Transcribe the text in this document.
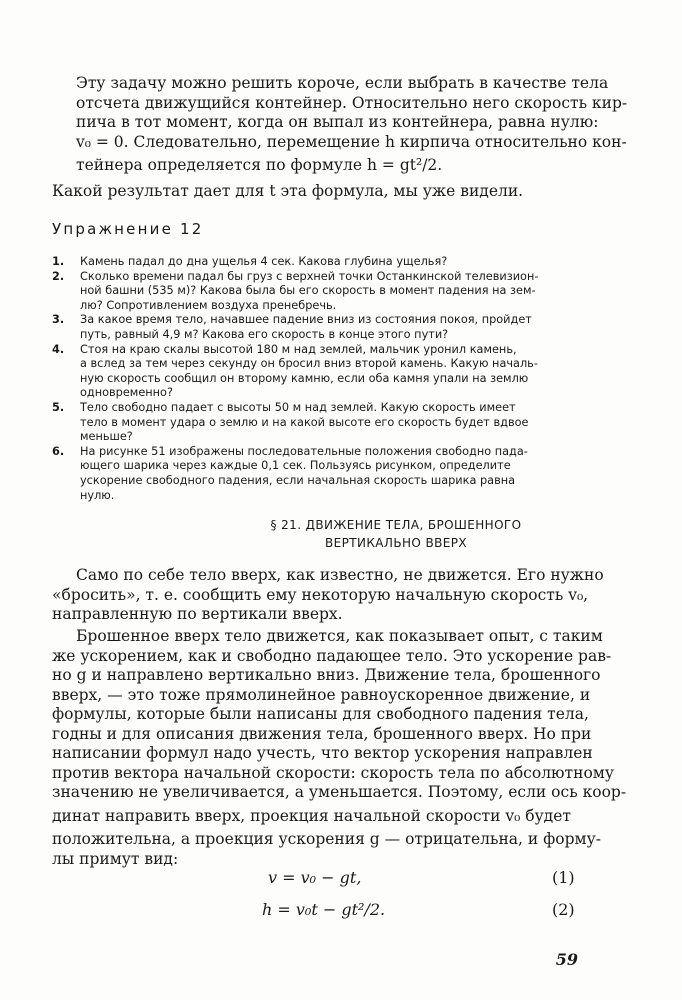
Эту задачу можно решить короче, если выбрать в качестве тела
отсчета движущийся контейнер. Относительно него скорость кир-
пича в тот момент, когда он выпал из контейнера, равна нулю:
v₀ = 0. Следовательно, перемещение h кирпича относительно кон-
тейнера определяется по формуле h = gt²/2.
Какой результат дает для t эта формула, мы уже видели.

Упражнение 12

1. Камень падал до дна ущелья 4 сек. Какова глубина ущелья?
2. Сколько времени падал бы груз с верхней точки Останкинской телевизион-
ной башни (535 м)? Какова была бы его скорость в момент падения на зем-
лю? Сопротивлением воздуха пренебречь.
3. За какое время тело, начавшее падение вниз из состояния покоя, пройдет
путь, равный 4,9 м? Какова его скорость в конце этого пути?
4. Стоя на краю скалы высотой 180 м над землей, мальчик уронил камень,
а вслед за тем через секунду он бросил вниз второй камень. Какую началь-
ную скорость сообщил он второму камню, если оба камня упали на землю
одновременно?
5. Тело свободно падает с высоты 50 м над землей. Какую скорость имеет
тело в момент удара о землю и на какой высоте его скорость будет вдвое
меньше?
6. На рисунке 51 изображены последовательные положения свободно пада-
ющего шарика через каждые 0,1 сек. Пользуясь рисунком, определите
ускорение свободного падения, если начальная скорость шарика равна
нулю.
§ 21. ДВИЖЕНИЕ ТЕЛА, БРОШЕННОГО
ВЕРТИКАЛЬНО ВВЕРХ
Само по себе тело вверх, как известно, не движется. Его нужно
«бросить», т. е. сообщить ему некоторую начальную скорость v₀,
направленную по вертикали вверх.
Брошенное вверх тело движется, как показывает опыт, с таким
же ускорением, как и свободно падающее тело. Это ускорение рав-
но g и направлено вертикально вниз. Движение тела, брошенного
вверх, — это тоже прямолинейное равноускоренное движение, и
формулы, которые были написаны для свободного падения тела,
годны и для описания движения тела, брошенного вверх. Но при
написании формул надо учесть, что вектор ускорения направлен
против вектора начальной скорости: скорость тела по абсолютному
значению не увеличивается, а уменьшается. Поэтому, если ось коор-
динат направить вверх, проекция начальной скорости v₀ будет
положительна, а проекция ускорения g — отрицательна, и форму-
лы примут вид:
v = v₀ − gt,	(1)
h = v₀t − gt²/2.	(2)
59
